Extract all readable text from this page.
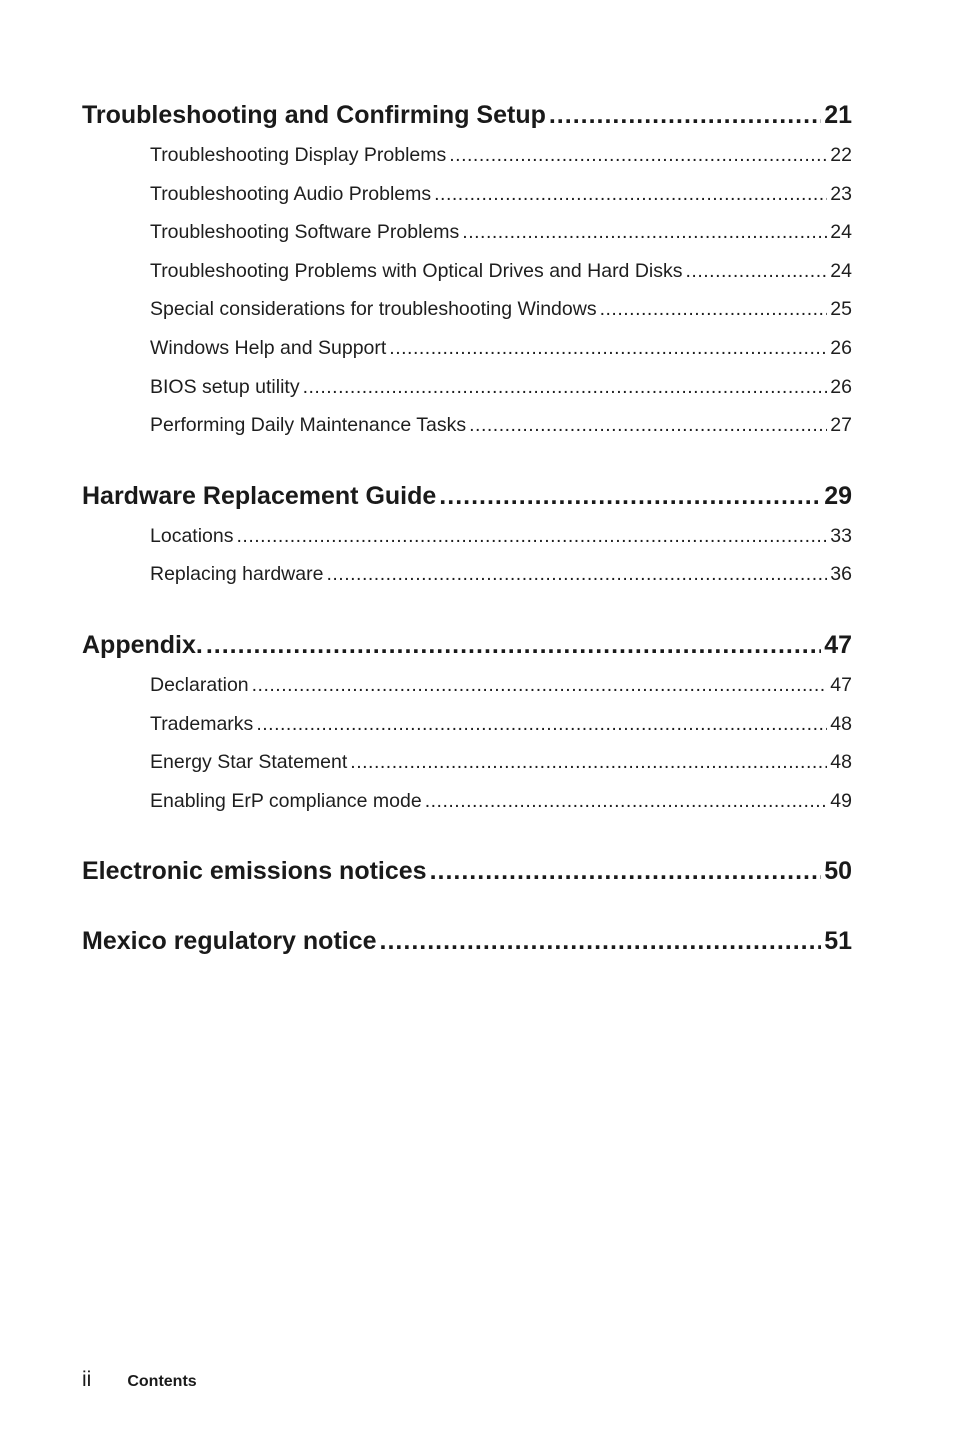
Troubleshooting and Confirming Setup .....	21
Troubleshooting Display Problems .....	22
Troubleshooting Audio Problems .....	23
Troubleshooting Software Problems .....	24
Troubleshooting Problems with Optical Drives and Hard Disks .....	24
Special considerations for troubleshooting Windows .....	25
Windows Help and Support .....	26
BIOS setup utility .....	26
Performing Daily Maintenance Tasks .....	27
Hardware Replacement Guide .....	29
Locations .....	33
Replacing hardware .....	36
Appendix. .....	47
Declaration .....	47
Trademarks .....	48
Energy Star Statement .....	48
Enabling ErP compliance mode .....	49
Electronic emissions notices .....	50
Mexico regulatory notice .....	51
ii Contents
